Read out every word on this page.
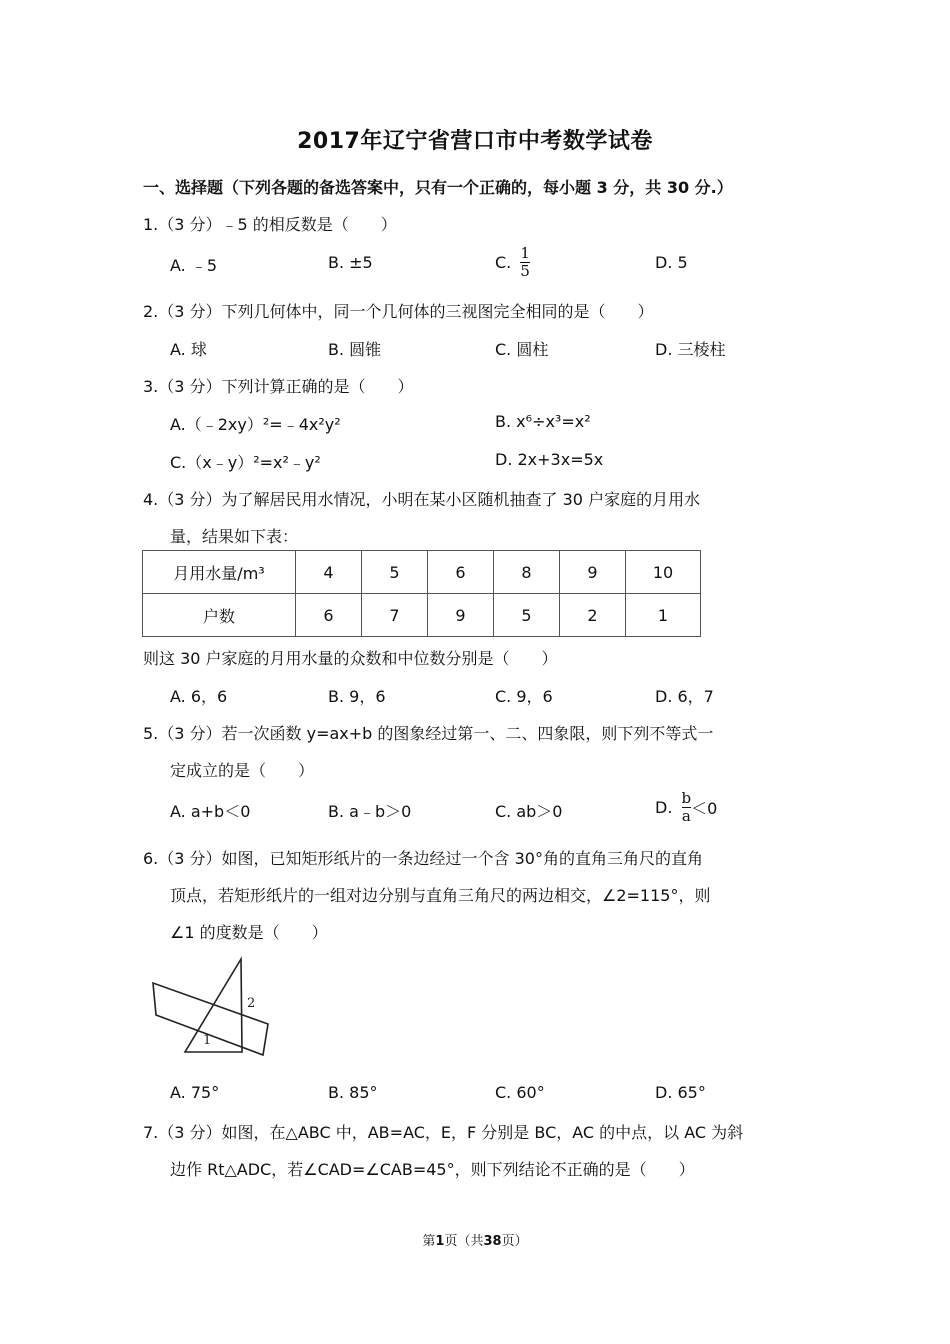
2017年辽宁省营口市中考数学试卷
一、选择题（下列各题的备选答案中，只有一个正确的，每小题 3 分，共 30 分.）
1.（3 分）﹣5 的相反数是（　　）
A. ﹣5	B. ±5	C. $\frac{1}{5}$	D. 5
2.（3 分）下列几何体中，同一个几何体的三视图完全相同的是（　　）
A. 球	B. 圆锥	C. 圆柱	D. 三棱柱
3.（3 分）下列计算正确的是（　　）
A.（﹣2xy）²=﹣4x²y²	B. x⁶÷x³=x²
C.（x﹣y）²=x²﹣y²	D. 2x+3x=5x
4.（3 分）为了解居民用水情况，小明在某小区随机抽查了 30 户家庭的月用水
量，结果如下表：
月用水量/m³	4	5	6	8	9	10
户数	6	7	9	5	2	1
则这 30 户家庭的月用水量的众数和中位数分别是（　　）
A. 6，6	B. 9，6	C. 9，6	D. 6，7
5.（3 分）若一次函数 y=ax+b 的图象经过第一、二、四象限，则下列不等式一
定成立的是（　　）
A. a+b＜0	B. a﹣b＞0	C. ab＞0	D. $\frac{b}{a}<0$
6.（3 分）如图，已知矩形纸片的一条边经过一个含 30°角的直角三角尺的直角
顶点，若矩形纸片的一组对边分别与直角三角尺的两边相交，∠2=115°，则
∠1 的度数是（　　）
1
2
A. 75°	B. 85°	C. 60°	D. 65°
7.（3 分）如图，在△ABC 中，AB=AC，E，F 分别是 BC，AC 的中点，以 AC 为斜
边作 Rt△ADC，若∠CAD=∠CAB=45°，则下列结论不正确的是（　　）
第1页（共38页）
